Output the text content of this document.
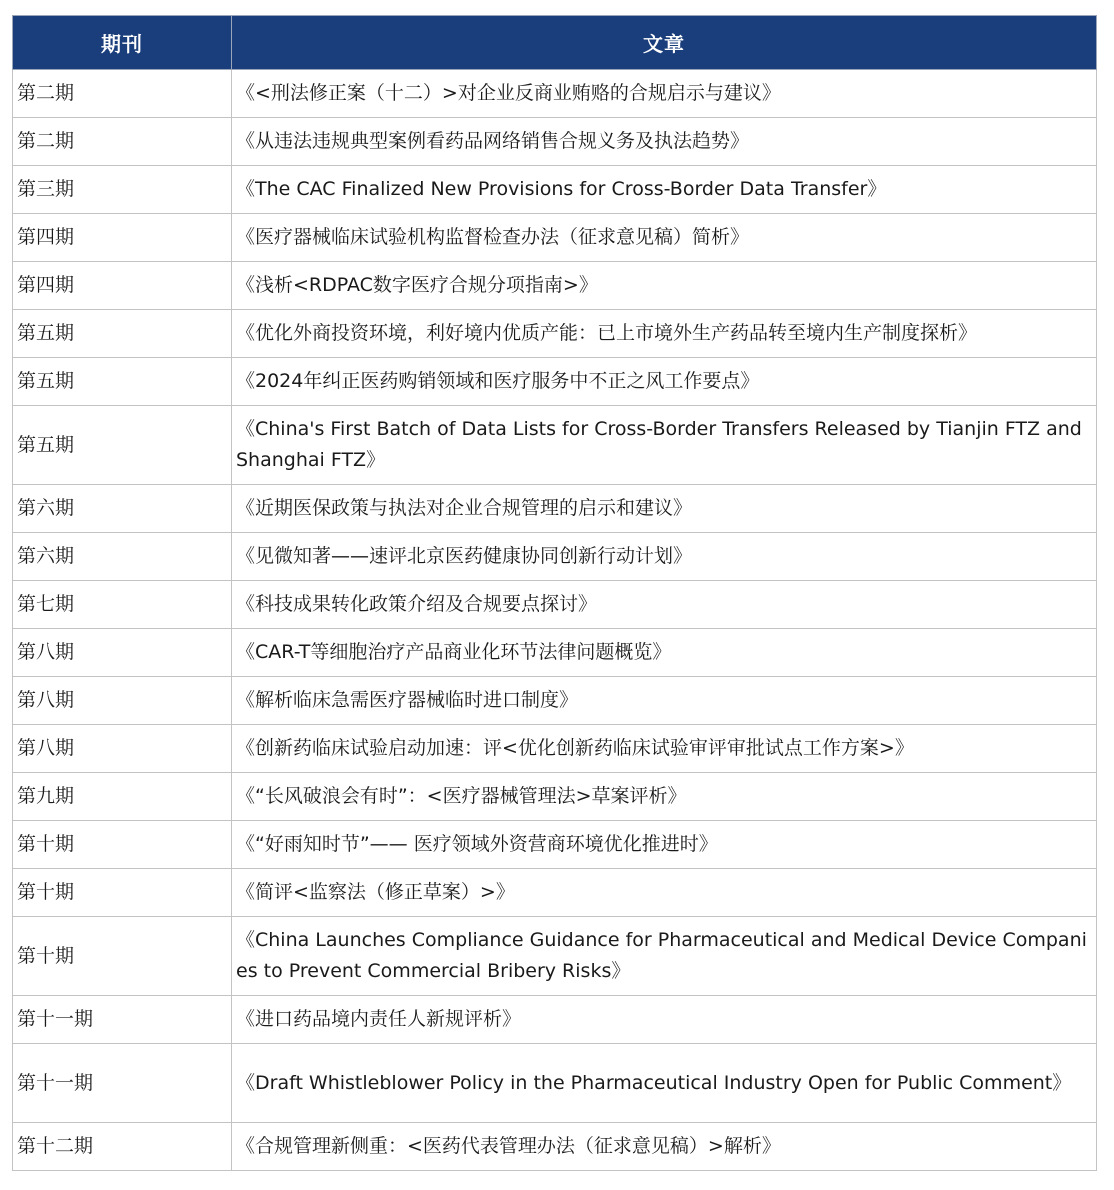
期刊	文章
第二期	《<刑法修正案（十二）>对企业反商业贿赂的合规启示与建议》
第二期	《从违法违规典型案例看药品网络销售合规义务及执法趋势》
第三期	《The CAC Finalized New Provisions for Cross-Border Data Transfer》
第四期	《医疗器械临床试验机构监督检查办法（征求意见稿）简析》
第四期	《浅析<RDPAC数字医疗合规分项指南>》
第五期	《优化外商投资环境，利好境内优质产能：已上市境外生产药品转至境内生产制度探析》
第五期	《2024年纠正医药购销领域和医疗服务中不正之风工作要点》
第五期	《China's First Batch of Data Lists for Cross-Border Transfers Released by Tianjin FTZ and Shanghai FTZ》
第六期	《近期医保政策与执法对企业合规管理的启示和建议》
第六期	《见微知著——速评北京医药健康协同创新行动计划》
第七期	《科技成果转化政策介绍及合规要点探讨》
第八期	《CAR-T等细胞治疗产品商业化环节法律问题概览》
第八期	《解析临床急需医疗器械临时进口制度》
第八期	《创新药临床试验启动加速：评<优化创新药临床试验审评审批试点工作方案>》
第九期	《“长风破浪会有时”：<医疗器械管理法>草案评析》
第十期	《“好雨知时节”—— 医疗领域外资营商环境优化推进时》
第十期	《简评<监察法（修正草案）>》
第十期	《China Launches Compliance Guidance for Pharmaceutical and Medical Device Companies to Prevent Commercial Bribery Risks》
第十一期	《进口药品境内责任人新规评析》
第十一期	《Draft Whistleblower Policy in the Pharmaceutical Industry Open for Public Comment》
第十二期	《合规管理新侧重：<医药代表管理办法（征求意见稿）>解析》
